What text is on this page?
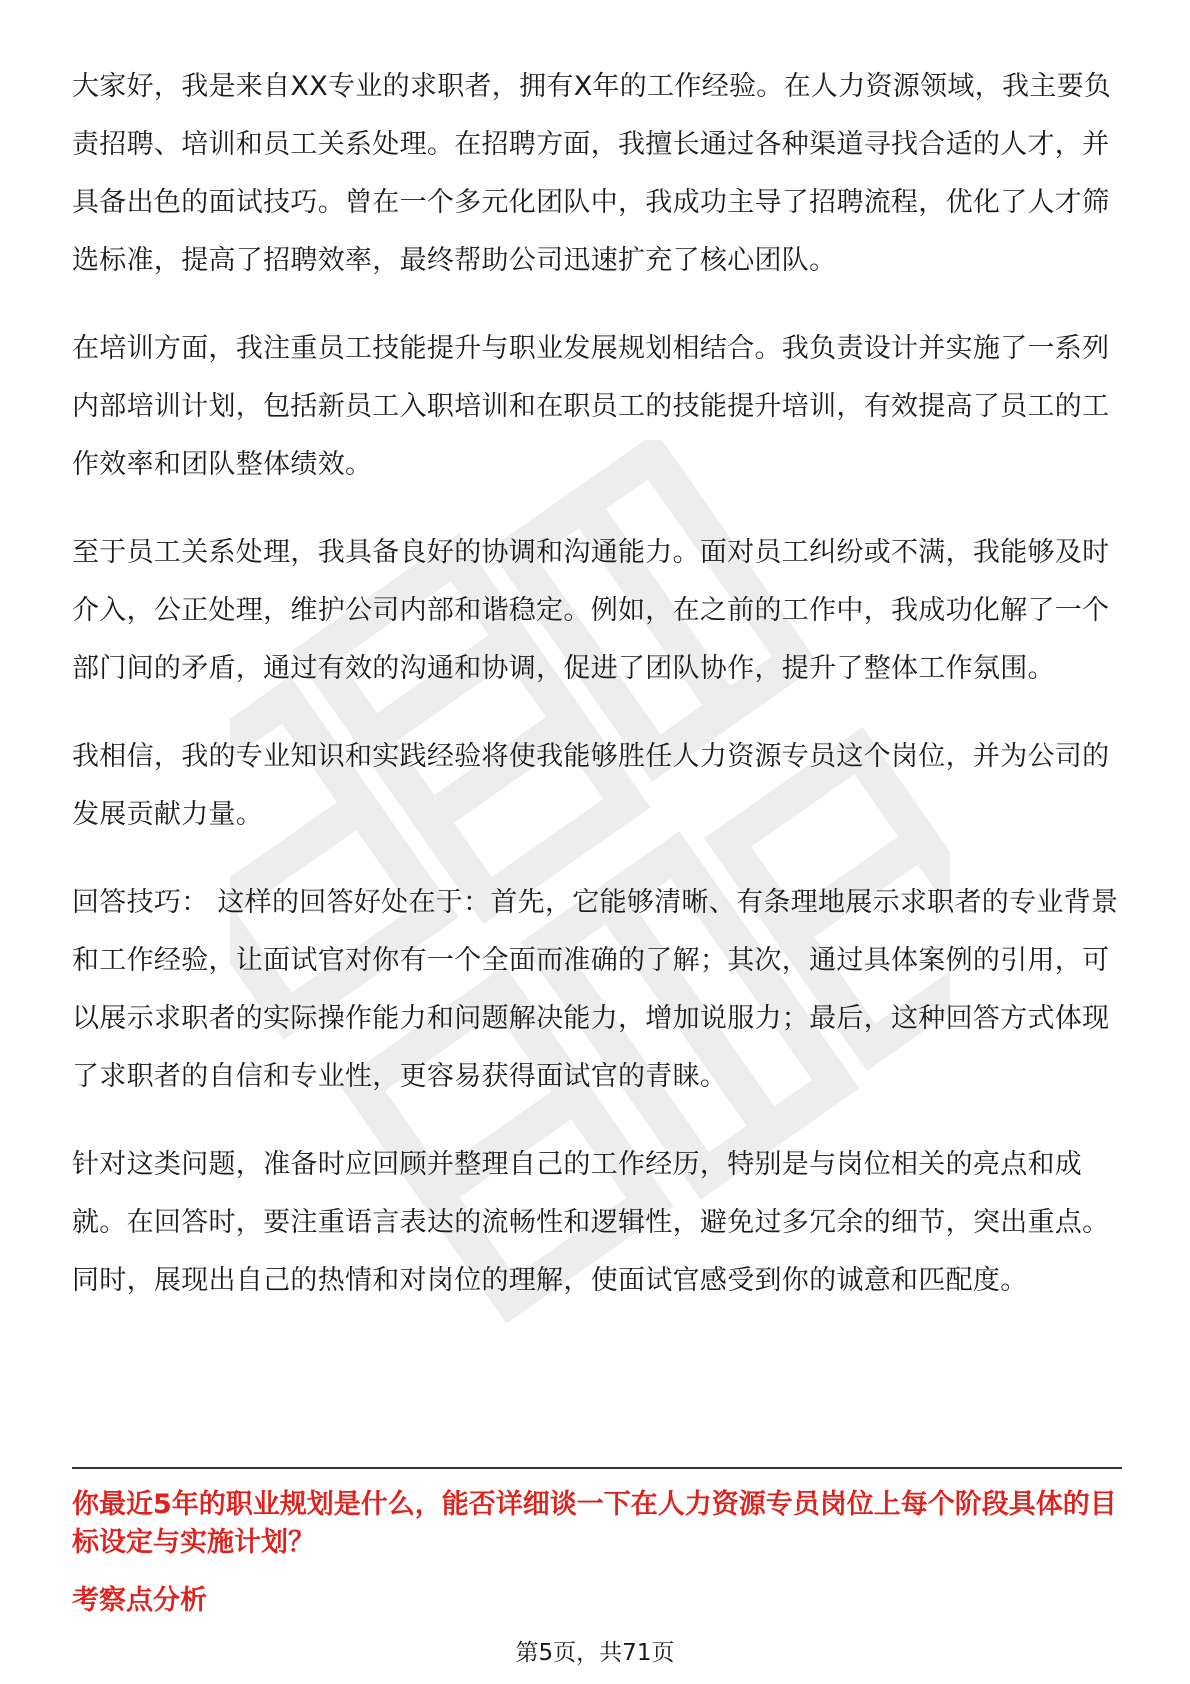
大家好，我是来自XX专业的求职者，拥有X年的工作经验。在人力资源领域，我主要负责招聘、培训和员工关系处理。在招聘方面，我擅长通过各种渠道寻找合适的人才，并具备出色的面试技巧。曾在一个多元化团队中，我成功主导了招聘流程，优化了人才筛选标准，提高了招聘效率，最终帮助公司迅速扩充了核心团队。

在培训方面，我注重员工技能提升与职业发展规划相结合。我负责设计并实施了一系列内部培训计划，包括新员工入职培训和在职员工的技能提升培训，有效提高了员工的工作效率和团队整体绩效。

至于员工关系处理，我具备良好的协调和沟通能力。面对员工纠纷或不满，我能够及时介入，公正处理，维护公司内部和谐稳定。例如，在之前的工作中，我成功化解了一个部门间的矛盾，通过有效的沟通和协调，促进了团队协作，提升了整体工作氛围。

我相信，我的专业知识和实践经验将使我能够胜任人力资源专员这个岗位，并为公司的发展贡献力量。

回答技巧： 这样的回答好处在于：首先，它能够清晰、有条理地展示求职者的专业背景和工作经验，让面试官对你有一个全面而准确的了解；其次，通过具体案例的引用，可以展示求职者的实际操作能力和问题解决能力，增加说服力；最后，这种回答方式体现了求职者的自信和专业性，更容易获得面试官的青睐。

针对这类问题，准备时应回顾并整理自己的工作经历，特别是与岗位相关的亮点和成就。在回答时，要注重语言表达的流畅性和逻辑性，避免过多冗余的细节，突出重点。同时，展现出自己的热情和对岗位的理解，使面试官感受到你的诚意和匹配度。

你最近5年的职业规划是什么，能否详细谈一下在人力资源专员岗位上每个阶段具体的目标设定与实施计划？

考察点分析

第5页，共71页
